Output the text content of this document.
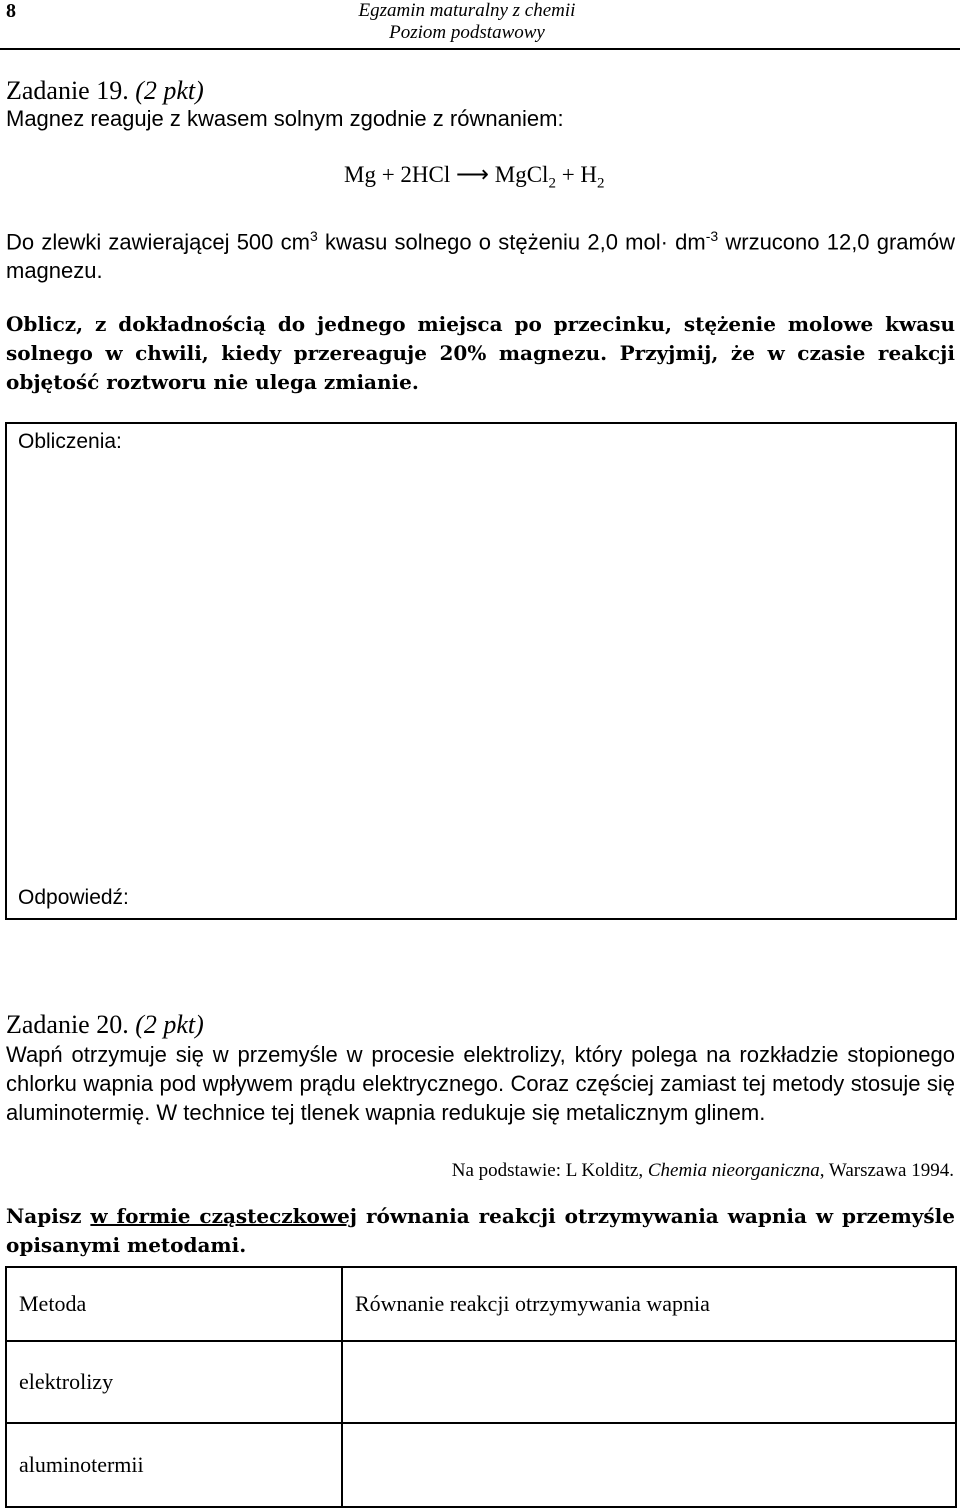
8	Egzamin maturalny z chemii
Poziom podstawowy
Zadanie 19. (2 pkt)
Magnez reaguje z kwasem solnym zgodnie z równaniem:
Mg + 2HCl ⟶ MgCl$_2$ + $H_2$
Do zlewki zawierającej 500 $cm^3$ kwasu solnego o stężeniu 2,0 $mol\cdot dm^{-3}$ wrzucono 12,0 gramów magnezu.
Oblicz, z dokładnością do jednego miejsca po przecinku, stężenie molowe kwasu solnego w chwili, kiedy przereaguje 20% magnezu. Przyjmij, że w czasie reakcji objętość roztworu nie ulega zmianie.
Obliczenia:
Odpowiedź:
Zadanie 20. (2 pkt)
Wapń otrzymuje się w przemyśle w procesie elektrolizy, który polega na rozkładzie stopionego chlorku wapnia pod wpływem prądu elektrycznego. Coraz częściej zamiast tej metody stosuje się aluminotermię. W technice tej tlenek wapnia redukuje się metalicznym glinem.
Na podstawie: L Kolditz, Chemia nieorganiczna, Warszawa 1994.
Napisz w formie cząsteczkowej równania reakcji otrzymywania wapnia w przemyśle opisanymi metodami.
Metoda	Równanie reakcji otrzymywania wapnia
elektrolizy	
aluminotermii	
